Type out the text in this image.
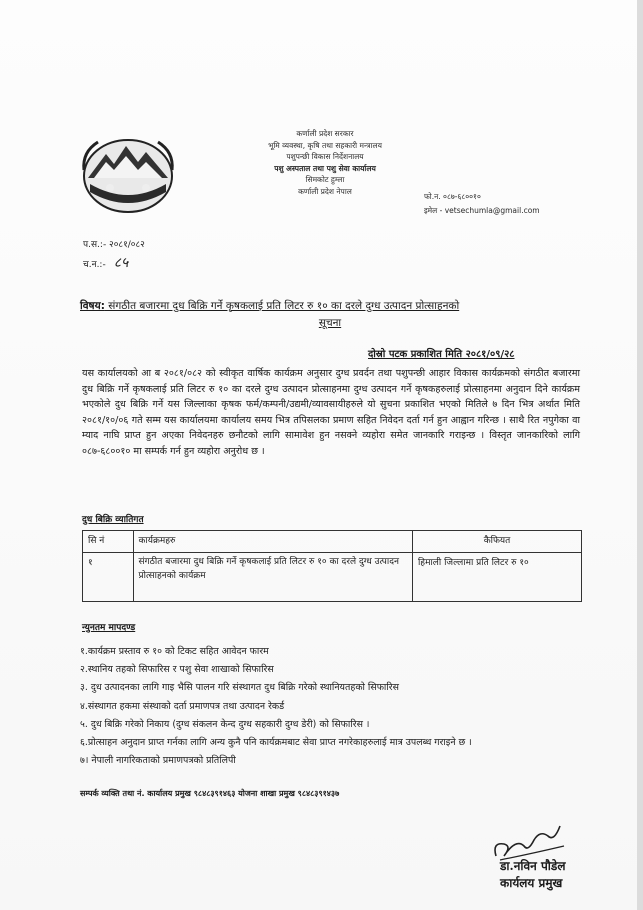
कर्णाली प्रदेश सरकार
भूमि व्यवस्था, कृषि तथा सहकारी मन्त्रालय
पशुपन्छी विकास निर्देशनालय
पशु अस्पताल तथा पशु सेवा कार्यालय
सिमकोट हुम्ला
कर्णाली प्रदेश नेपाल
फो.न. ०८७-६८००१०
इमेल - vetsechumla@gmail.com
प.स.:- २०८१/०८२
च.न.:- ८५
विषय: संगठीत बजारमा दुध बिक्रि गर्ने कृषकलाई प्रति लिटर रु १० का दरले दुग्ध उत्पादन प्रोत्साहनको
सूचना
दोस्रो पटक प्रकाशित मिति २०८१/०९/२८
यस कार्यालयको आ ब २०८१/०८२ को स्वीकृत वार्षिक कार्यक्रम अनुसार दुग्ध प्रवर्दन तथा पशुपन्छी आहार विकास कार्यक्रमको संगठीत बजारमा दुध बिक्रि गर्ने कृषकलाई प्रति लिटर रु १० का दरले दुग्ध उत्पादन प्रोत्साहनमा दुग्ध उत्पादन गर्ने कृषकहरुलाई प्रोत्साहनमा अनुदान दिने कार्यक्रम भएकोले दुध बिक्रि गर्ने यस जिल्लाका कृषक फर्म/कम्पनी/उद्यमी/व्यावसायीहरुले यो सुचना प्रकाशित भएको मितिले ७ दिन भित्र अर्थात मिति २०८१/१०/०६ गते सम्म यस कार्यालयमा कार्यालय समय भित्र तपिसलका प्रमाण सहित निवेदन दर्ता गर्न हुन आह्वान गरिन्छ । साथै रित नपुगेका वा म्याद नाघि प्राप्त हुन अएका निवेदनहरु छनौटको लागि सामावेश हुन नसक्ने व्यहोरा समेत जानकारि गराइन्छ । विस्तृत जानकारिको लागि ०८७-६८००१० मा सम्पर्क गर्न हुन व्यहोरा अनुरोध छ ।
दुध बिक्रि व्यातिगत
सि नं	कार्यक्रमहरु	कैफियत
१	संगठीत बजारमा दुध बिक्रि गर्ने कृषकलाई प्रति लिटर रु १० का दरले दुग्ध उत्पादन प्रोत्साहनको कार्यक्रम	हिमाली जिल्लामा प्रति लिटर रु १०
न्युनतम मापदण्ड
१.कार्यक्रम प्रस्ताव रु १० को टिकट सहित आवेदन फारम
२.स्थानिय तहको सिफारिस र पशु सेवा शाखाको सिफारिस
३. दुध उत्पादनका लागि गाइ भैसि पालन गरि संस्थागत दुध बिक्रि गरेको स्थानियतहको सिफारिस
४.संस्थागत हकमा संस्थाको दर्ता प्रमाणपत्र तथा उत्पादन रेकर्ड
५. दुध बिक्रि गरेको निकाय (दुग्ध संकलन केन्द दुग्ध सहकारी दुग्ध डेरी) को सिफारिस ।
६.प्रोत्साहन अनुदान प्राप्त गर्नका लागि अन्य कुनै पनि कार्यक्रमबाट सेवा प्राप्त नगरेकाहरुलाई मात्र उपलब्ध गराइने छ ।
७। नेपाली नागरिकताको प्रमाणपत्रको प्रतिलिपी
सम्पर्क व्यक्ति तथा नं. कार्यालय प्रमुख ९८४८३९१४६३ योजना शाखा प्रमुख ९८४८३९१४३७
डा.नविन पौडेल
कार्यलय प्रमुख
